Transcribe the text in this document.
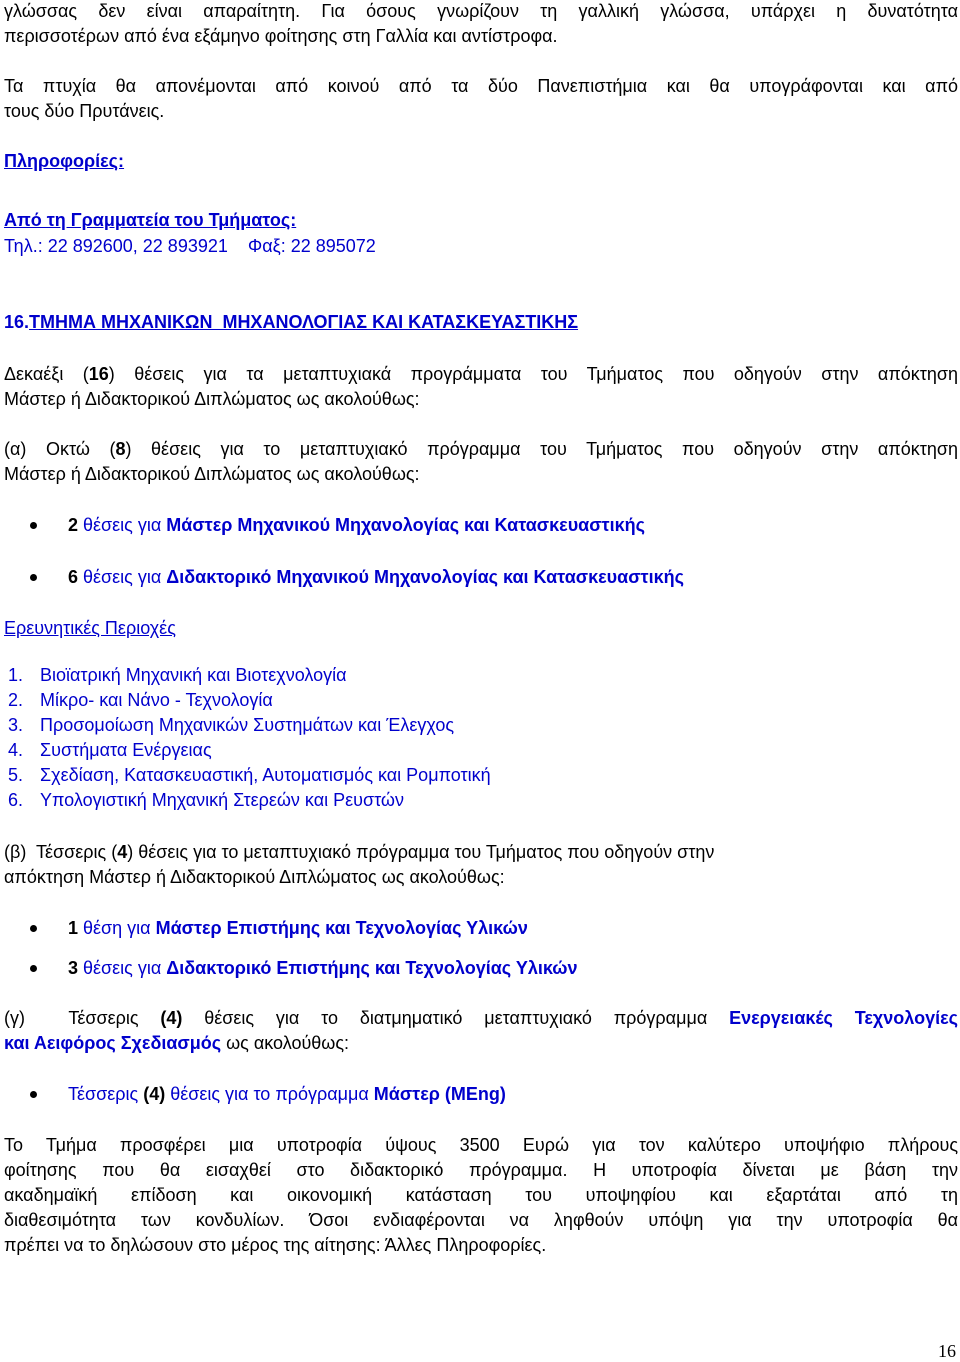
γλώσσας δεν είναι απαραίτητη. Για όσους γνωρίζουν τη γαλλική γλώσσα, υπάρχει η δυνατότητα

περισσοτέρων από ένα εξάμηνο φοίτησης στη Γαλλία και αντίστροφα.

Τα πτυχία θα απονέμονται από κοινού από τα δύο Πανεπιστήμια και θα υπογράφονται και από

τους δύο Πρυτάνεις.

Πληροφορίες:

Από τη Γραμματεία του Τμήματος:

Τηλ.: 22 892600, 22 893921    Φαξ: 22 895072

16.ΤΜΗΜΑ ΜΗΧΑΝΙΚΩΝ  ΜΗΧΑΝΟΛΟΓΙΑΣ ΚΑΙ ΚΑΤΑΣΚΕΥΑΣΤΙΚΗΣ

Δεκαέξι (16) θέσεις για τα μεταπτυχιακά προγράμματα του Τμήματος που οδηγούν στην απόκτηση

Μάστερ ή Διδακτορικού Διπλώματος ως ακολούθως:

(α) Οκτώ (8) θέσεις για το μεταπτυχιακό πρόγραμμα του Τμήματος που οδηγούν στην απόκτηση

Μάστερ ή Διδακτορικού Διπλώματος ως ακολούθως:

2 θέσεις για Μάστερ Μηχανικού Μηχανολογίας και Κατασκευαστικής
6 θέσεις για Διδακτορικό Μηχανικού Μηχανολογίας και Κατασκευαστικής

Ερευνητικές Περιοχές

1. Βιοϊατρική Μηχανική και Βιοτεχνολογία
2. Μίκρο- και Νάνο - Τεχνολογία
3. Προσομοίωση Μηχανικών Συστημάτων και Έλεγχος
4. Συστήματα Ενέργειας
5. Σχεδίαση, Κατασκευαστική, Αυτοματισμός και Ρομποτική
6. Υπολογιστική Μηχανική Στερεών και Ρευστών

(β)  Τέσσερις (4) θέσεις για το μεταπτυχιακό πρόγραμμα του Τμήματος που οδηγούν στην

απόκτηση Μάστερ ή Διδακτορικού Διπλώματος ως ακολούθως:

1 θέση για Μάστερ Επιστήμης και Τεχνολογίας Υλικών
3 θέσεις για Διδακτορικό Επιστήμης και Τεχνολογίας Υλικών

(γ)  Τέσσερις (4) θέσεις για το διατμηματικό μεταπτυχιακό πρόγραμμα Ενεργειακές Τεχνολογίες

και Αειφόρος Σχεδιασμός ως ακολούθως:

Τέσσερις (4) θέσεις για το πρόγραμμα Μάστερ (MEng)

Το Τμήμα προσφέρει μια υποτροφία ύψους 3500 Ευρώ για τον καλύτερο υποψήφιο πλήρους

φοίτησης που θα εισαχθεί στο διδακτορικό πρόγραμμα. Η υποτροφία δίνεται με βάση την

ακαδημαϊκή επίδοση και οικονομική κατάσταση του υποψηφίου και εξαρτάται από τη

διαθεσιμότητα των κονδυλίων. Όσοι ενδιαφέρονται να ληφθούν υπόψη για την υποτροφία θα

πρέπει να το δηλώσουν στο μέρος της αίτησης: Άλλες Πληροφορίες.

16
